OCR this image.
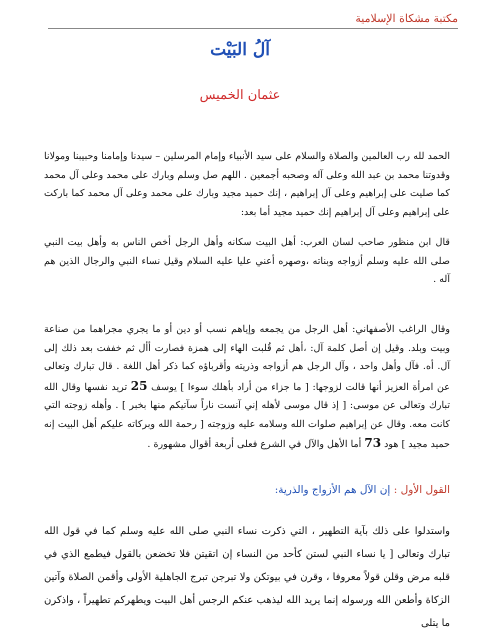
مكتبة مشكاة الإسلامية
آلُ البَيْت
عثمان الخميس
الحمد لله رب العالمين والصلاة والسلام على سيد الأنبياء وإمام المرسلين – سيدنا وإمامنا وحبيبنا ومولانا وقدوتنا محمد بن عبد الله وعلى آله وصحبه أجمعين . اللهم صل وسلم وبارك على محمد وعلى آل محمد كما صليت على إبراهيم وعلى آل إبراهيم ، إنك حميد مجيد وبارك على محمد وعلى آل محمد كما باركت على إبراهيم وعلى آل إبراهيم إنك حميد مجيد أما بعد:
قال ابن منظور صاحب لسان العرب: أهل البيت سكانه وأهل الرجل أخص الناس به وأهل بيت النبي صلى الله عليه وسلم أزواجه وبناته ،وصهره أعني عليا عليه السلام وقيل نساء النبي والرجال الذين هم آله .
وقال الراغب الأصفهاني: أهل الرجل من يجمعه وإياهم نسب أو دين أو ما يجري مجراهما من صناعة وبيت وبلد. وقيل إن أصل كلمة آل: ،أهل ثم قُلبت الهاء إلى همزة فصارت أأل ثم خففت بعد ذلك إلى آل. أه. فآل وأهل واحد ، وآل الرجل هم أزواجه وذريته وأقرباؤه كما ذكر أهل اللغة . قال تبارك وتعالى عن امرأة العزيز أنها قالت لزوجها: [ ما جزاء من أراد بأهلك سوءا ] يوسف 25 تريد نفسها وقال الله تبارك وتعالى عن موسى: [ إذ قال موسى لأهله إني آنست ناراً سآتيكم منها بخبر ] . وأهله زوجته التي كانت معه. وقال عن إبراهيم صلوات الله وسلامه عليه وزوجته [ رحمة الله وبركاته عليكم أهل البيت إنه حميد مجيد ] هود 73 أما الأهل والآل في الشرع فعلى أربعة أقوال مشهورة .
القول الأول : إن الآل هم الأزواج والذرية:
واستدلوا على ذلك بآية التطهير ، التي ذكرت نساء النبي صلى الله عليه وسلم كما في قول الله تبارك وتعالى [ يا نساء النبي لستن كأحد من النساء إن اتقيتن فلا تخضعن بالقول فيطمع الذي في قلبه مرض وقلن قولاً معروفا ، وقرن في بيوتكن ولا تبرجن تبرج الجاهلية الأولى وأقمن الصلاة وآتين الزكاة وأطعن الله ورسوله إنما يريد الله ليذهب عنكم الرجس أهل البيت ويطهركم تطهيراً ، واذكرن ما يتلى
